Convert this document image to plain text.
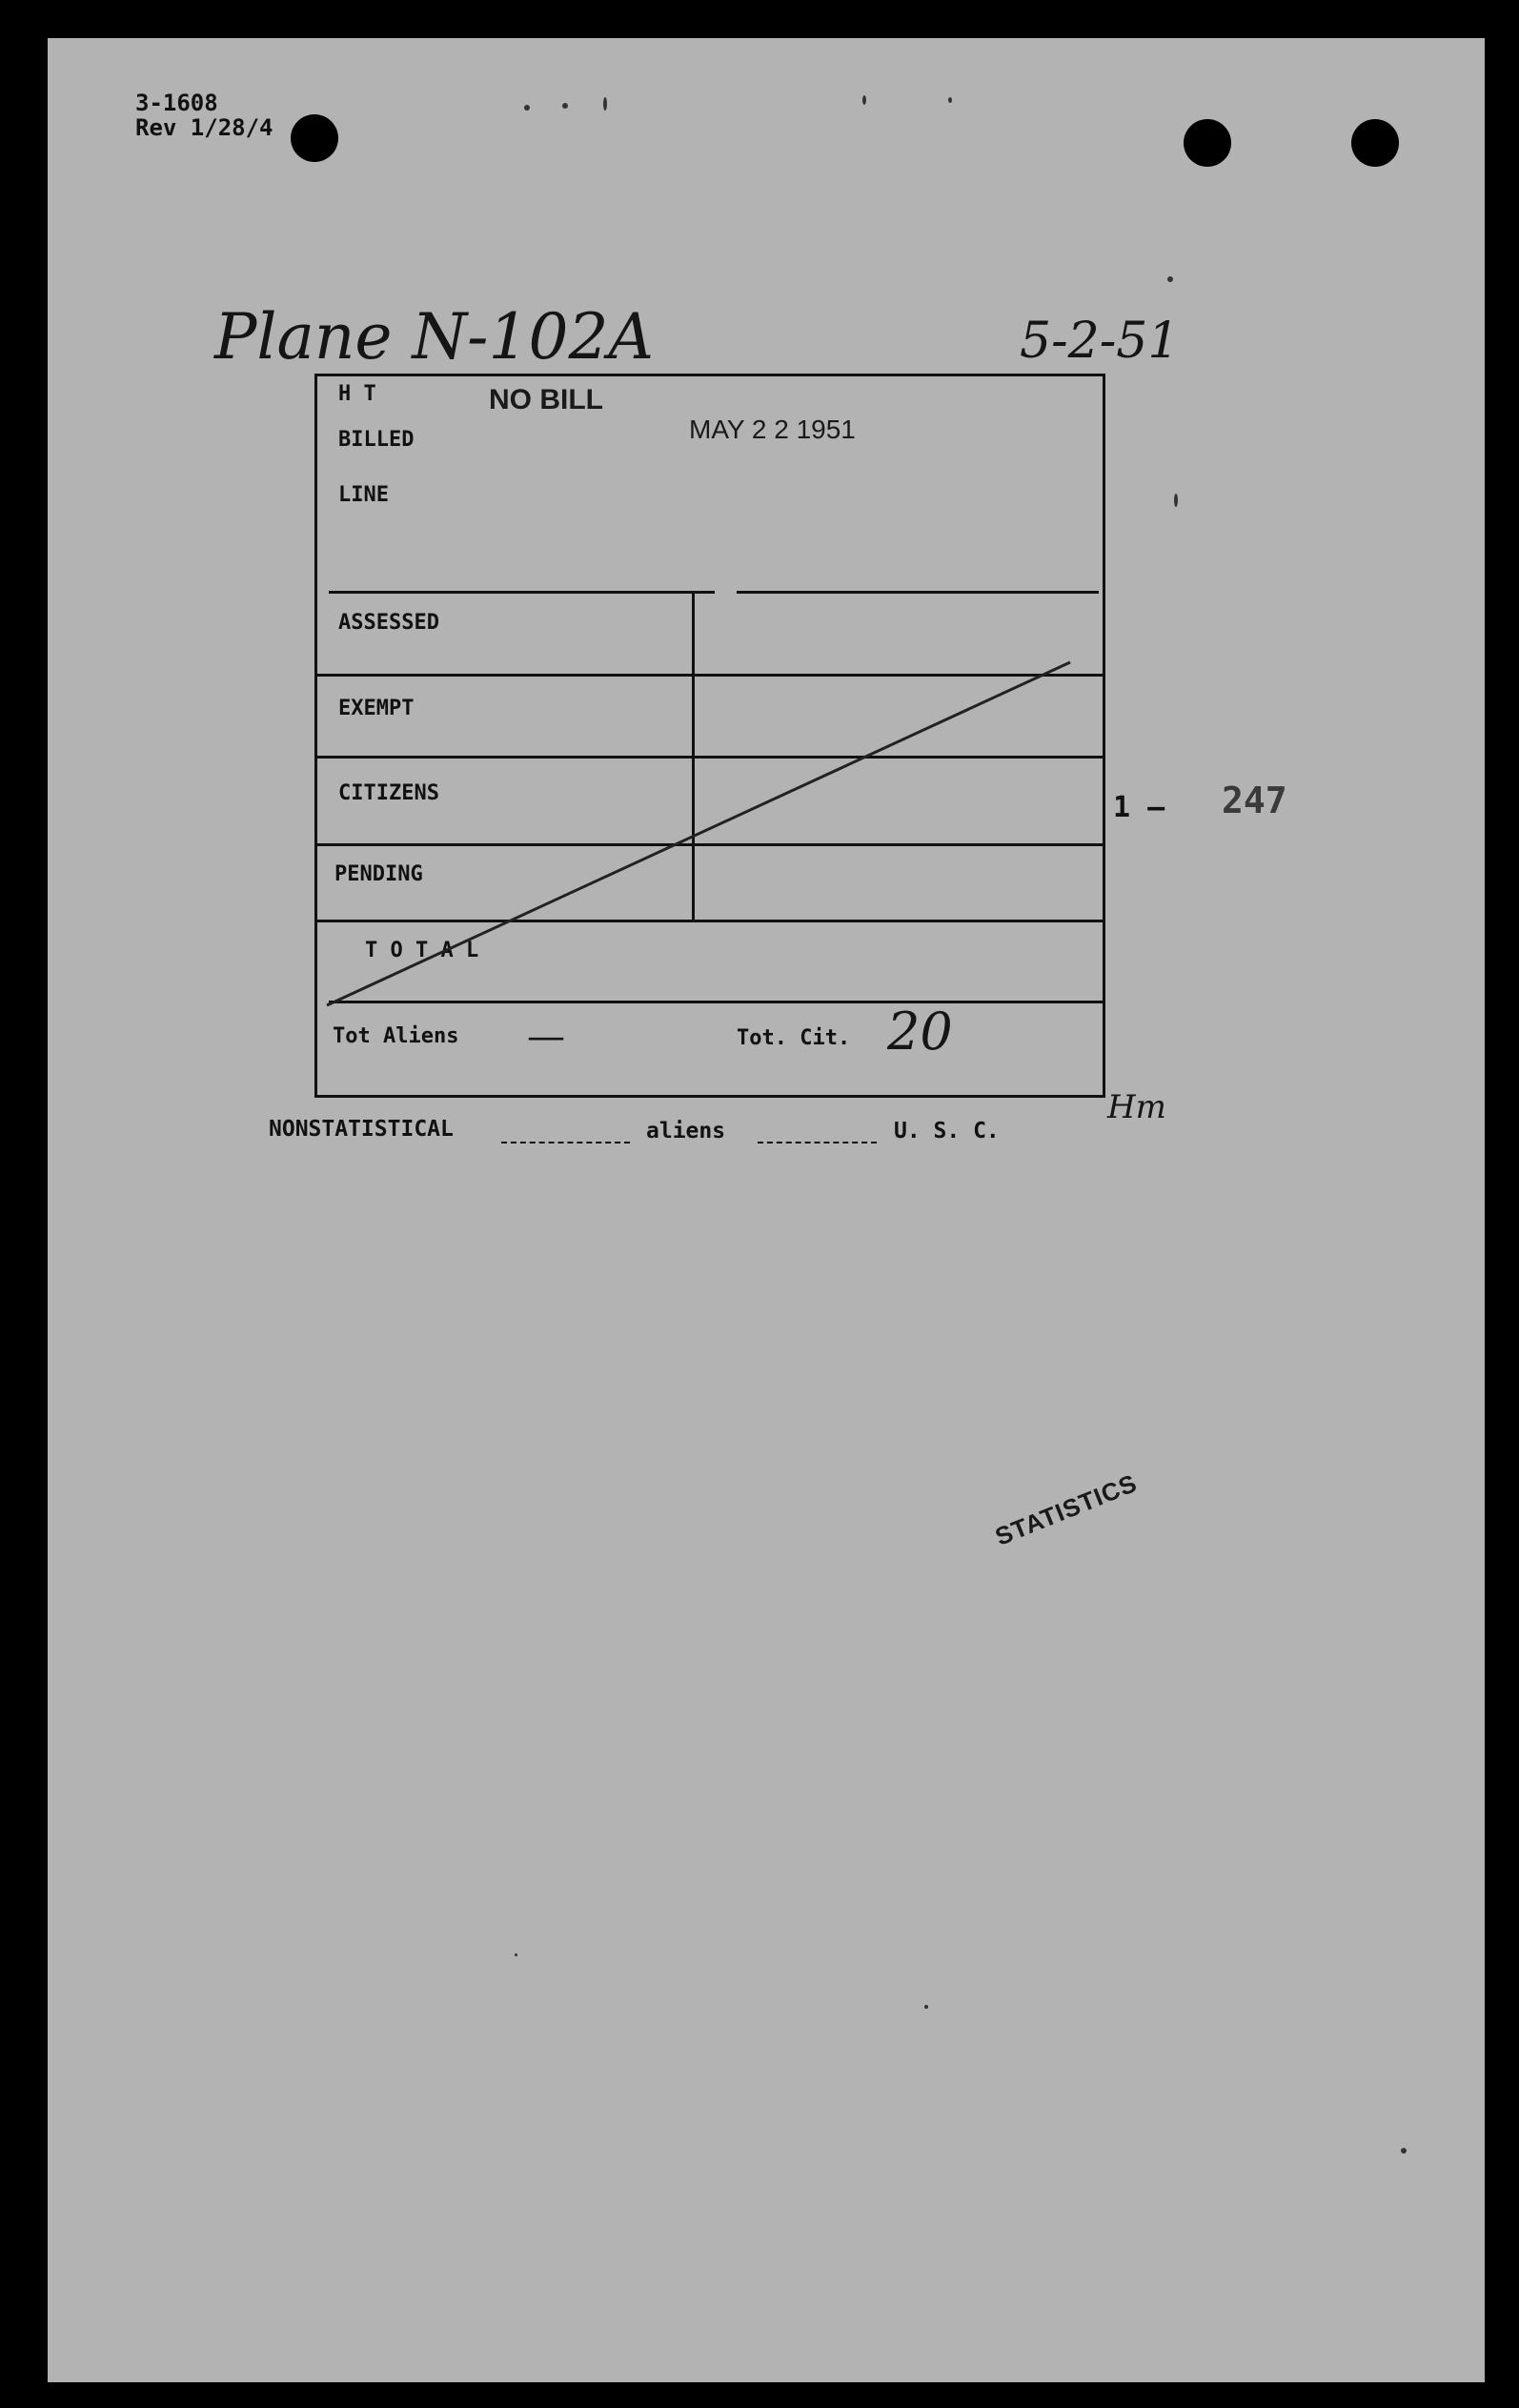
3-1608
Rev 1/28/4
Plane N-102A	5-2-51
H T	NO BILL
MAY 2 2 1951
BILLED
LINE
ASSESSED
EXEMPT
CITIZENS
PENDING
T O T A L
Tot Aliens —	Tot. Cit. 20
1 – 247
Hm
NONSTATISTICAL	aliens	U. S. C.
STATISTICS
